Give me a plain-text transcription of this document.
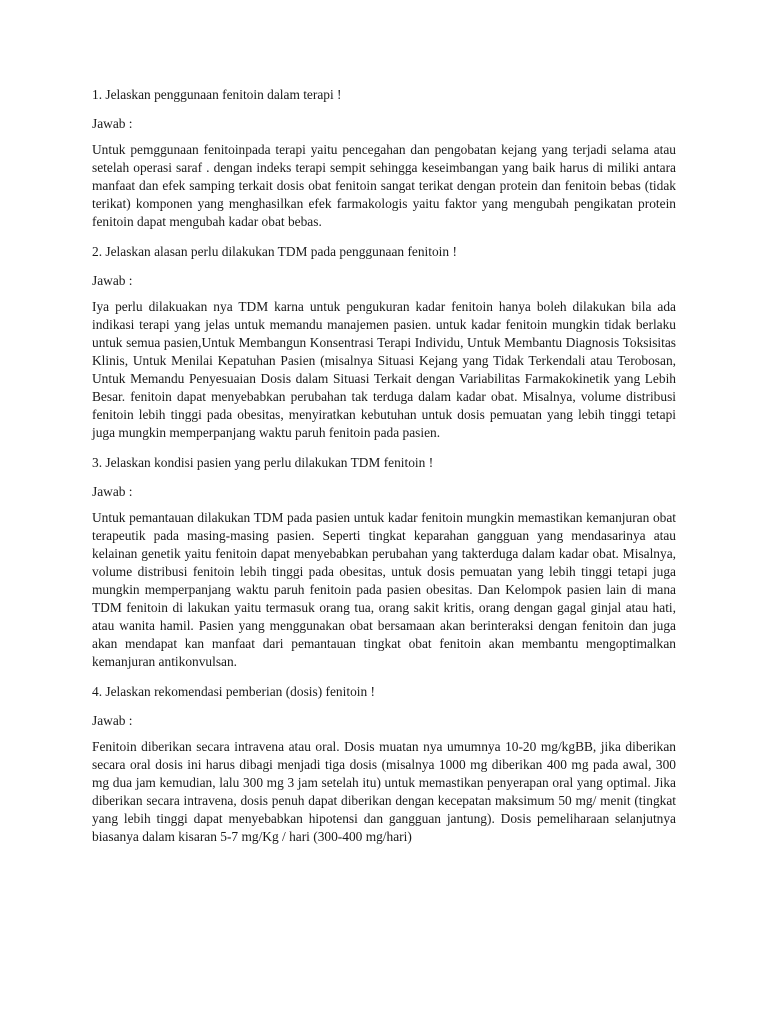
1. Jelaskan penggunaan fenitoin dalam terapi !

Jawab :

Untuk pemggunaan fenitoinpada terapi yaitu pencegahan dan pengobatan kejang yang terjadi selama atau setelah operasi saraf . dengan indeks terapi sempit sehingga keseimbangan yang baik harus di miliki antara manfaat dan efek samping terkait dosis obat fenitoin sangat terikat dengan protein dan fenitoin bebas (tidak terikat) komponen yang menghasilkan efek farmakologis yaitu faktor yang mengubah pengikatan protein fenitoin dapat mengubah kadar obat bebas.

2. Jelaskan alasan perlu dilakukan TDM pada penggunaan fenitoin !

Jawab :

Iya perlu dilakuakan nya TDM karna untuk pengukuran kadar fenitoin hanya boleh dilakukan bila ada indikasi terapi yang jelas untuk memandu manajemen pasien. untuk kadar fenitoin mungkin tidak berlaku untuk semua pasien,Untuk Membangun Konsentrasi Terapi Individu, Untuk Membantu Diagnosis Toksisitas Klinis, Untuk Menilai Kepatuhan Pasien (misalnya Situasi Kejang yang Tidak Terkendali atau Terobosan, Untuk Memandu Penyesuaian Dosis dalam Situasi Terkait dengan Variabilitas Farmakokinetik yang Lebih Besar. fenitoin dapat menyebabkan perubahan tak terduga dalam kadar obat. Misalnya, volume distribusi fenitoin lebih tinggi pada obesitas, menyiratkan kebutuhan untuk dosis pemuatan yang lebih tinggi tetapi juga mungkin memperpanjang waktu paruh fenitoin pada pasien.

3. Jelaskan kondisi pasien yang perlu dilakukan TDM fenitoin !

Jawab :

Untuk pemantauan dilakukan TDM pada pasien untuk kadar fenitoin mungkin memastikan kemanjuran obat terapeutik pada masing-masing pasien. Seperti tingkat keparahan gangguan yang mendasarinya atau kelainan genetik yaitu fenitoin dapat menyebabkan perubahan yang takterduga dalam kadar obat. Misalnya, volume distribusi fenitoin lebih tinggi pada obesitas, untuk dosis pemuatan yang lebih tinggi tetapi juga mungkin memperpanjang waktu paruh fenitoin pada pasien obesitas. Dan Kelompok pasien lain di mana TDM fenitoin di lakukan yaitu termasuk orang tua, orang sakit kritis, orang dengan gagal ginjal atau hati, atau wanita hamil. Pasien yang menggunakan obat bersamaan akan berinteraksi dengan fenitoin dan juga akan mendapat kan manfaat dari pemantauan tingkat obat fenitoin akan membantu mengoptimalkan kemanjuran antikonvulsan.

4. Jelaskan rekomendasi pemberian (dosis) fenitoin !

Jawab :

Fenitoin diberikan secara intravena atau oral. Dosis muatan nya umumnya 10-20 mg/kgBB, jika diberikan secara oral dosis ini harus dibagi menjadi tiga dosis (misalnya 1000 mg diberikan 400 mg pada awal, 300 mg dua jam kemudian, lalu 300 mg 3 jam setelah itu) untuk memastikan penyerapan oral yang optimal. Jika diberikan secara intravena, dosis penuh dapat diberikan dengan kecepatan maksimum 50 mg/ menit (tingkat yang lebih tinggi dapat menyebabkan hipotensi dan gangguan jantung). Dosis pemeliharaan selanjutnya biasanya dalam kisaran 5-7 mg/Kg / hari (300-400 mg/hari)
